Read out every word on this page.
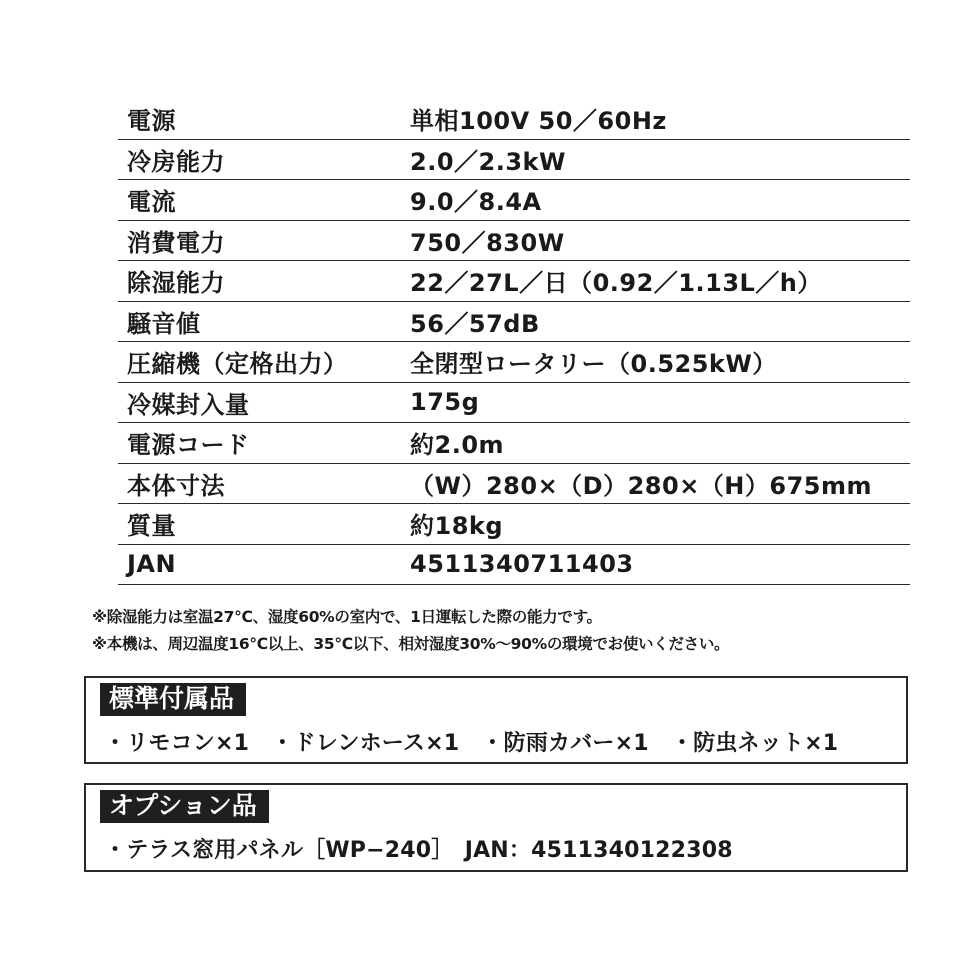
電源	単相100V 50／60Hz
冷房能力	2.0／2.3kW
電流	9.0／8.4A
消費電力	750／830W
除湿能力	22／27L／日（0.92／1.13L／h）
騒音値	56／57dB
圧縮機（定格出力）	全閉型ロータリー（0.525kW）
冷媒封入量	175g
電源コード	約2.0m
本体寸法	（W）280×（D）280×（H）675mm
質量	約18kg
JAN	4511340711403
※除湿能力は室温27℃、湿度60%の室内で、1日運転した際の能力です。
※本機は、周辺温度16℃以上、35℃以下、相対湿度30%〜90%の環境でお使いください。
標準付属品
・リモコン×1　・ドレンホース×1　・防雨カバー×1　・防虫ネット×1
オプション品
・テラス窓用パネル［WP−240］　JAN：4511340122308
